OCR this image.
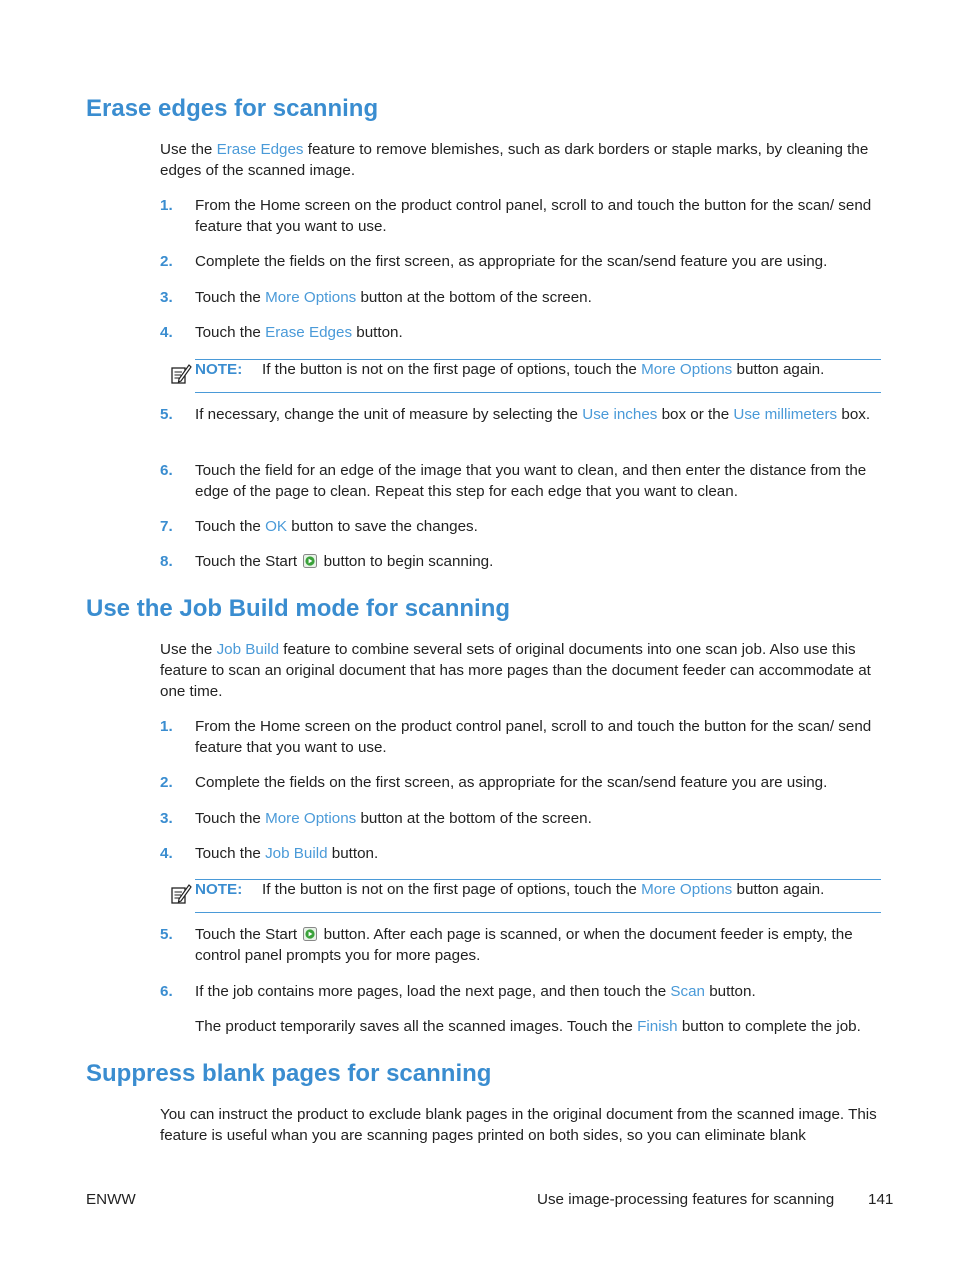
Erase edges for scanning

Use the Erase Edges feature to remove blemishes, such as dark borders or staple marks, by cleaning the edges of the scanned image.

1.	From the Home screen on the product control panel, scroll to and touch the button for the scan/ send feature that you want to use.
2.	Complete the fields on the first screen, as appropriate for the scan/send feature you are using.
3.	Touch the More Options button at the bottom of the screen.
4.	Touch the Erase Edges button.
NOTE: If the button is not on the first page of options, touch the More Options button again.
5.	If necessary, change the unit of measure by selecting the Use inches box or the Use millimeters box.
6.	Touch the field for an edge of the image that you want to clean, and then enter the distance from the edge of the page to clean. Repeat this step for each edge that you want to clean.
7.	Touch the OK button to save the changes.
8.	Touch the Start  button to begin scanning.
Use the Job Build mode for scanning

Use the Job Build feature to combine several sets of original documents into one scan job. Also use this feature to scan an original document that has more pages than the document feeder can accommodate at one time.

1.	From the Home screen on the product control panel, scroll to and touch the button for the scan/ send feature that you want to use.
2.	Complete the fields on the first screen, as appropriate for the scan/send feature you are using.
3.	Touch the More Options button at the bottom of the screen.
4.	Touch the Job Build button.
NOTE: If the button is not on the first page of options, touch the More Options button again.
5.	Touch the Start  button. After each page is scanned, or when the document feeder is empty, the control panel prompts you for more pages.
6.	If the job contains more pages, load the next page, and then touch the Scan button.
The product temporarily saves all the scanned images. Touch the Finish button to complete the job.
Suppress blank pages for scanning

You can instruct the product to exclude blank pages in the original document from the scanned image. This feature is useful whan you are scanning pages printed on both sides, so you can eliminate blank

ENWW	Use image-processing features for scanning 141
